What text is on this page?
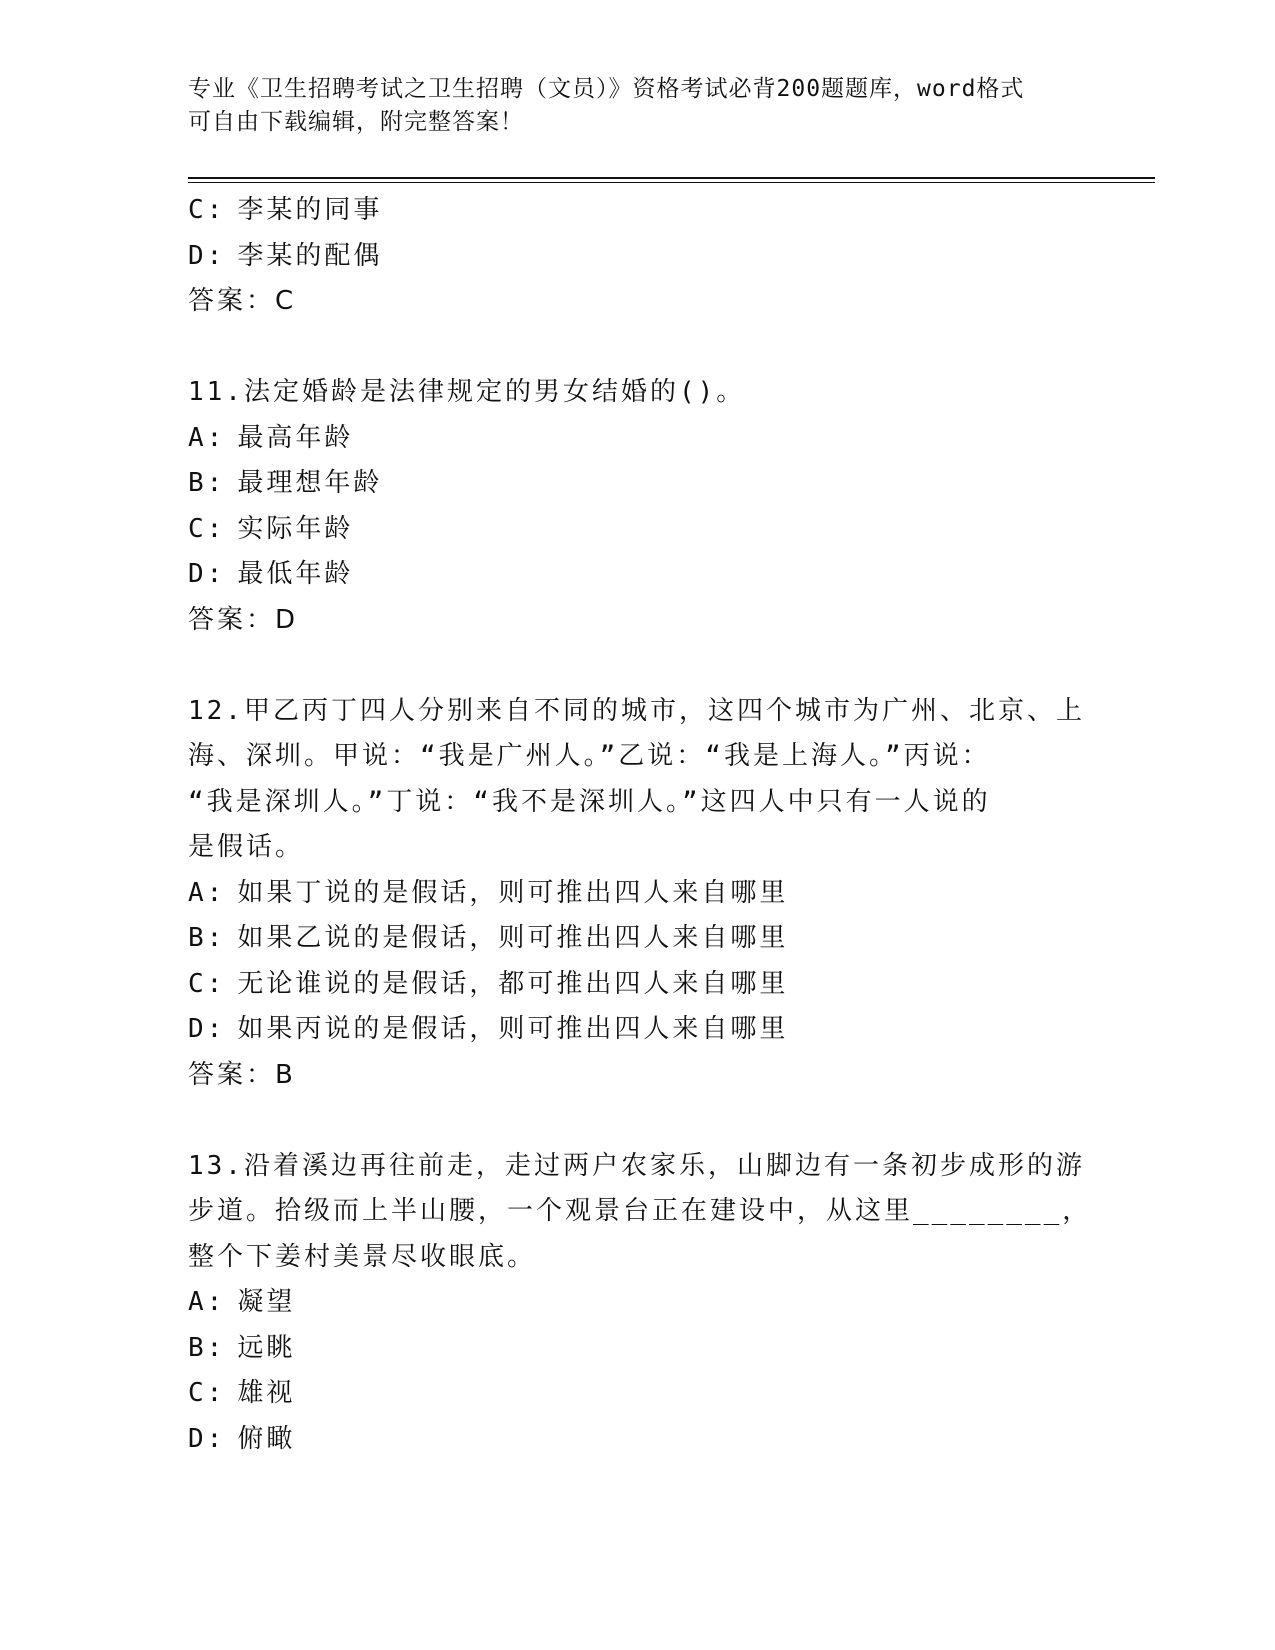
专业《卫生招聘考试之卫生招聘（文员）》资格考试必背200题题库，word格式
可自由下载编辑，附完整答案！
C: 李某的同事
D: 李某的配偶
答案：C
11.法定婚龄是法律规定的男女结婚的()。
A: 最高年龄
B: 最理想年龄
C: 实际年龄
D: 最低年龄
答案：D
12.甲乙丙丁四人分别来自不同的城市，这四个城市为广州、北京、上
海、深圳。甲说：“我是广州人。”乙说：“我是上海人。”丙说：
“我是深圳人。”丁说：“我不是深圳人。”这四人中只有一人说的
是假话。
A: 如果丁说的是假话，则可推出四人来自哪里
B: 如果乙说的是假话，则可推出四人来自哪里
C: 无论谁说的是假话，都可推出四人来自哪里
D: 如果丙说的是假话，则可推出四人来自哪里
答案：B
13.沿着溪边再往前走，走过两户农家乐，山脚边有一条初步成形的游
步道。拾级而上半山腰，一个观景台正在建设中，从这里________，
整个下姜村美景尽收眼底。
A: 凝望
B: 远眺
C: 雄视
D: 俯瞰
